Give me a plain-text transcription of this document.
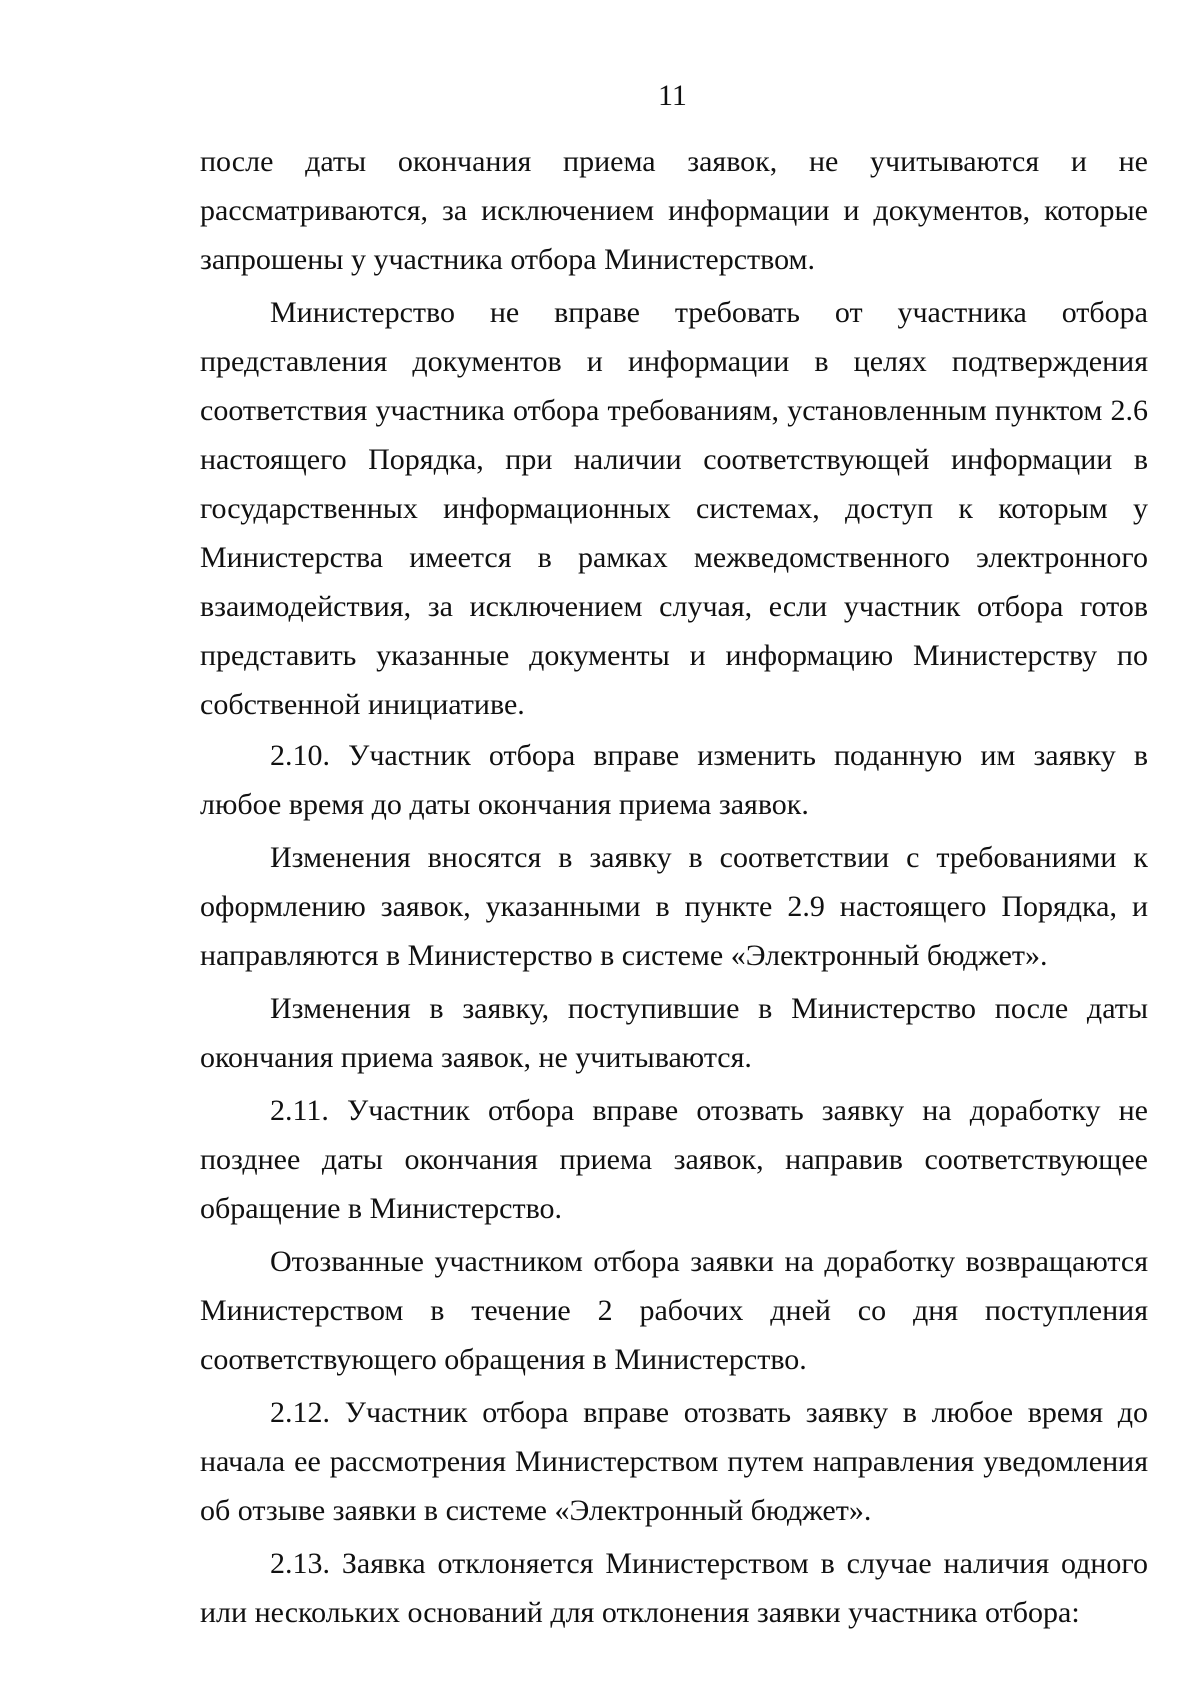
11

после даты окончания приема заявок, не учитываются и не рассматриваются, за исключением информации и документов, которые запрошены у участника отбора Министерством.

Министерство не вправе требовать от участника отбора представления документов и информации в целях подтверждения соответствия участника отбора требованиям, установленным пунктом 2.6 настоящего Порядка, при наличии соответствующей информации в государственных информационных системах, доступ к которым у Министерства имеется в рамках межведомственного электронного взаимодействия, за исключением случая, если участник отбора готов представить указанные документы и информацию Министерству по собственной инициативе.

2.10. Участник отбора вправе изменить поданную им заявку в любое время до даты окончания приема заявок.

Изменения вносятся в заявку в соответствии с требованиями к оформлению заявок, указанными в пункте 2.9 настоящего Порядка, и направляются в Министерство в системе «Электронный бюджет».

Изменения в заявку, поступившие в Министерство после даты окончания приема заявок, не учитываются.

2.11. Участник отбора вправе отозвать заявку на доработку не позднее даты окончания приема заявок, направив соответствующее обращение в Министерство.

Отозванные участником отбора заявки на доработку возвращаются Министерством в течение 2 рабочих дней со дня поступления соответствующего обращения в Министерство.

2.12. Участник отбора вправе отозвать заявку в любое время до начала ее рассмотрения Министерством путем направления уведомления об отзыве заявки в системе «Электронный бюджет».

2.13. Заявка отклоняется Министерством в случае наличия одного или нескольких оснований для отклонения заявки участника отбора:
